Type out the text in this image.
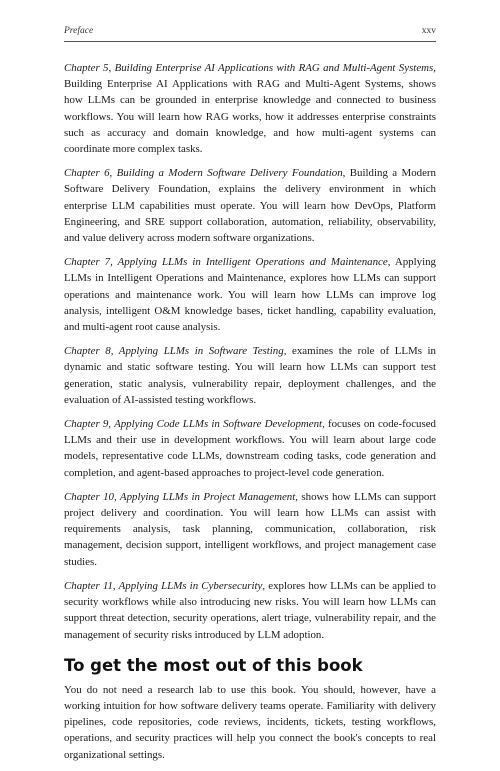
Preface	xxv

Chapter 5, Building Enterprise AI Applications with RAG and Multi-Agent Systems, Building Enterprise AI Applications with RAG and Multi-Agent Systems, shows how LLMs can be grounded in enterprise knowledge and connected to business workflows. You will learn how RAG works, how it addresses enterprise constraints such as accuracy and domain knowledge, and how multi-agent systems can coordinate more complex tasks.

Chapter 6, Building a Modern Software Delivery Foundation, Building a Modern Software Delivery Foundation, explains the delivery environment in which enterprise LLM capabilities must operate. You will learn how DevOps, Platform Engineering, and SRE support collaboration, automation, reliability, observability, and value delivery across modern software organizations.

Chapter 7, Applying LLMs in Intelligent Operations and Maintenance, Applying LLMs in Intelligent Operations and Maintenance, explores how LLMs can support operations and maintenance work. You will learn how LLMs can improve log analysis, intelligent O&M knowledge bases, ticket handling, capability evaluation, and multi-agent root cause analysis.

Chapter 8, Applying LLMs in Software Testing, examines the role of LLMs in dynamic and static software testing. You will learn how LLMs can support test generation, static analysis, vulnerability repair, deployment challenges, and the evaluation of AI-assisted testing workflows.

Chapter 9, Applying Code LLMs in Software Development, focuses on code-focused LLMs and their use in development workflows. You will learn about large code models, representative code LLMs, downstream coding tasks, code generation and completion, and agent-based approaches to project-level code generation.

Chapter 10, Applying LLMs in Project Management, shows how LLMs can support project delivery and coordination. You will learn how LLMs can assist with requirements analysis, task planning, communication, collaboration, risk management, decision support, intelligent workflows, and project management case studies.

Chapter 11, Applying LLMs in Cybersecurity, explores how LLMs can be applied to security workflows while also introducing new risks. You will learn how LLMs can support threat detection, security operations, alert triage, vulnerability repair, and the management of security risks introduced by LLM adoption.

To get the most out of this book

You do not need a research lab to use this book. You should, however, have a working intuition for how software delivery teams operate. Familiarity with delivery pipelines, code repositories, code reviews, incidents, tickets, testing workflows, operations, and security practices will help you connect the book's concepts to real organizational settings.
